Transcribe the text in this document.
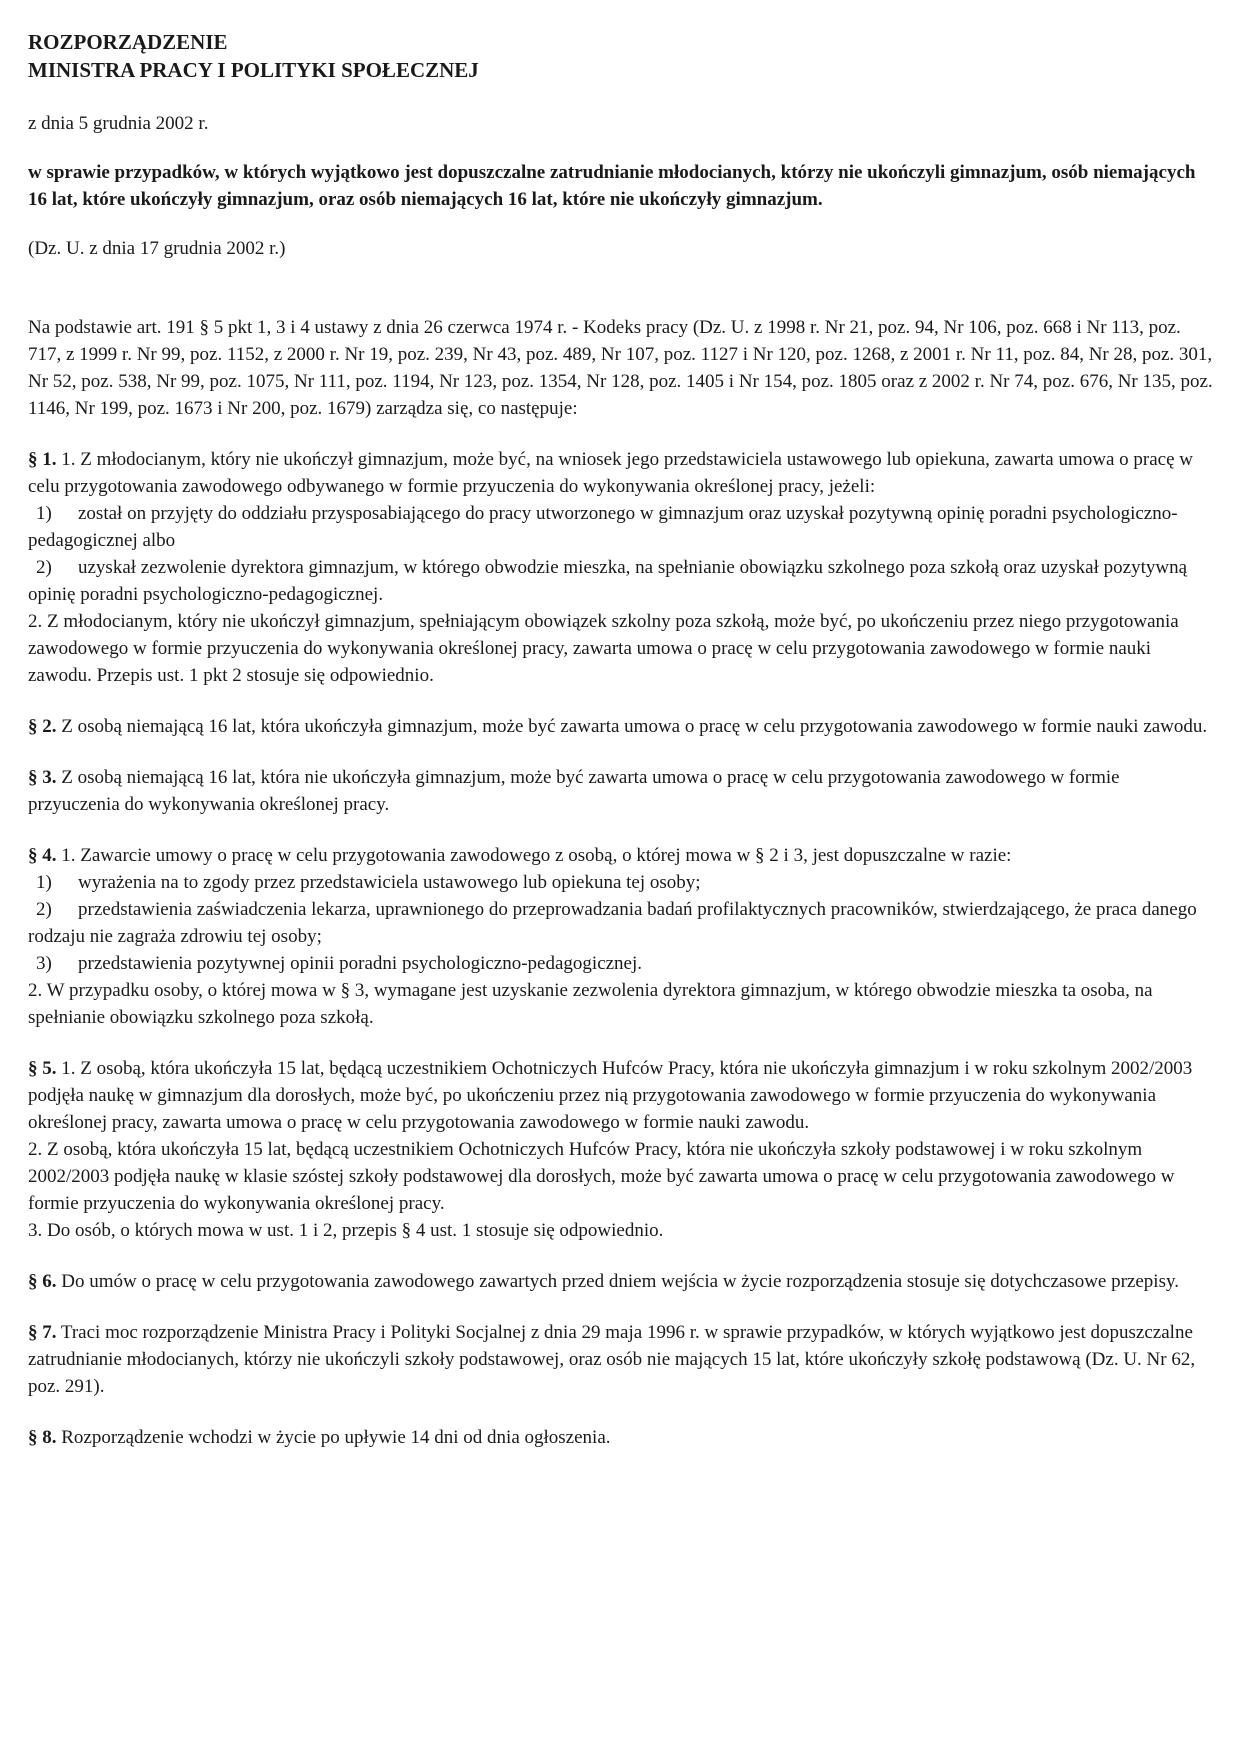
ROZPORZĄDZENIE

MINISTRA PRACY I POLITYKI SPOŁECZNEJ

z dnia 5 grudnia 2002 r.

w sprawie przypadków, w których wyjątkowo jest dopuszczalne zatrudnianie młodocianych, którzy nie ukończyli gimnazjum, osób niemających 16 lat, które ukończyły gimnazjum, oraz osób niemających 16 lat, które nie ukończyły gimnazjum.

(Dz. U. z dnia 17 grudnia 2002 r.)

Na podstawie art. 191 § 5 pkt 1, 3 i 4 ustawy z dnia 26 czerwca 1974 r. - Kodeks pracy (Dz. U. z 1998 r. Nr 21, poz. 94, Nr 106, poz. 668 i Nr 113, poz. 717, z 1999 r. Nr 99, poz. 1152, z 2000 r. Nr 19, poz. 239, Nr 43, poz. 489, Nr 107, poz. 1127 i Nr 120, poz. 1268, z 2001 r. Nr 11, poz. 84, Nr 28, poz. 301, Nr 52, poz. 538, Nr 99, poz. 1075, Nr 111, poz. 1194, Nr 123, poz. 1354, Nr 128, poz. 1405 i Nr 154, poz. 1805 oraz z 2002 r. Nr 74, poz. 676, Nr 135, poz. 1146, Nr 199, poz. 1673 i Nr 200, poz. 1679) zarządza się, co następuje:

§ 1. 1. Z młodocianym, który nie ukończył gimnazjum, może być, na wniosek jego przedstawiciela ustawowego lub opiekuna, zawarta umowa o pracę w celu przygotowania zawodowego odbywanego w formie przyuczenia do wykonywania określonej pracy, jeżeli:

1) został on przyjęty do oddziału przysposabiającego do pracy utworzonego w gimnazjum oraz uzyskał pozytywną opinię poradni psychologiczno-pedagogicznej albo

2) uzyskał zezwolenie dyrektora gimnazjum, w którego obwodzie mieszka, na spełnianie obowiązku szkolnego poza szkołą oraz uzyskał pozytywną opinię poradni psychologiczno-pedagogicznej.

2. Z młodocianym, który nie ukończył gimnazjum, spełniającym obowiązek szkolny poza szkołą, może być, po ukończeniu przez niego przygotowania zawodowego w formie przyuczenia do wykonywania określonej pracy, zawarta umowa o pracę w celu przygotowania zawodowego w formie nauki zawodu. Przepis ust. 1 pkt 2 stosuje się odpowiednio.

§ 2. Z osobą niemającą 16 lat, która ukończyła gimnazjum, może być zawarta umowa o pracę w celu przygotowania zawodowego w formie nauki zawodu.

§ 3. Z osobą niemającą 16 lat, która nie ukończyła gimnazjum, może być zawarta umowa o pracę w celu przygotowania zawodowego w formie przyuczenia do wykonywania określonej pracy.

§ 4. 1. Zawarcie umowy o pracę w celu przygotowania zawodowego z osobą, o której mowa w § 2 i 3, jest dopuszczalne w razie:

1) wyrażenia na to zgody przez przedstawiciela ustawowego lub opiekuna tej osoby;

2) przedstawienia zaświadczenia lekarza, uprawnionego do przeprowadzania badań profilaktycznych pracowników, stwierdzającego, że praca danego rodzaju nie zagraża zdrowiu tej osoby;

3) przedstawienia pozytywnej opinii poradni psychologiczno-pedagogicznej.

2. W przypadku osoby, o której mowa w § 3, wymagane jest uzyskanie zezwolenia dyrektora gimnazjum, w którego obwodzie mieszka ta osoba, na spełnianie obowiązku szkolnego poza szkołą.

§ 5. 1. Z osobą, która ukończyła 15 lat, będącą uczestnikiem Ochotniczych Hufców Pracy, która nie ukończyła gimnazjum i w roku szkolnym 2002/2003 podjęła naukę w gimnazjum dla dorosłych, może być, po ukończeniu przez nią przygotowania zawodowego w formie przyuczenia do wykonywania określonej pracy, zawarta umowa o pracę w celu przygotowania zawodowego w formie nauki zawodu.

2. Z osobą, która ukończyła 15 lat, będącą uczestnikiem Ochotniczych Hufców Pracy, która nie ukończyła szkoły podstawowej i w roku szkolnym 2002/2003 podjęła naukę w klasie szóstej szkoły podstawowej dla dorosłych, może być zawarta umowa o pracę w celu przygotowania zawodowego w formie przyuczenia do wykonywania określonej pracy.

3. Do osób, o których mowa w ust. 1 i 2, przepis § 4 ust. 1 stosuje się odpowiednio.

§ 6. Do umów o pracę w celu przygotowania zawodowego zawartych przed dniem wejścia w życie rozporządzenia stosuje się dotychczasowe przepisy.

§ 7. Traci moc rozporządzenie Ministra Pracy i Polityki Socjalnej z dnia 29 maja 1996 r. w sprawie przypadków, w których wyjątkowo jest dopuszczalne zatrudnianie młodocianych, którzy nie ukończyli szkoły podstawowej, oraz osób nie mających 15 lat, które ukończyły szkołę podstawową (Dz. U. Nr 62, poz. 291).

§ 8. Rozporządzenie wchodzi w życie po upływie 14 dni od dnia ogłoszenia.
